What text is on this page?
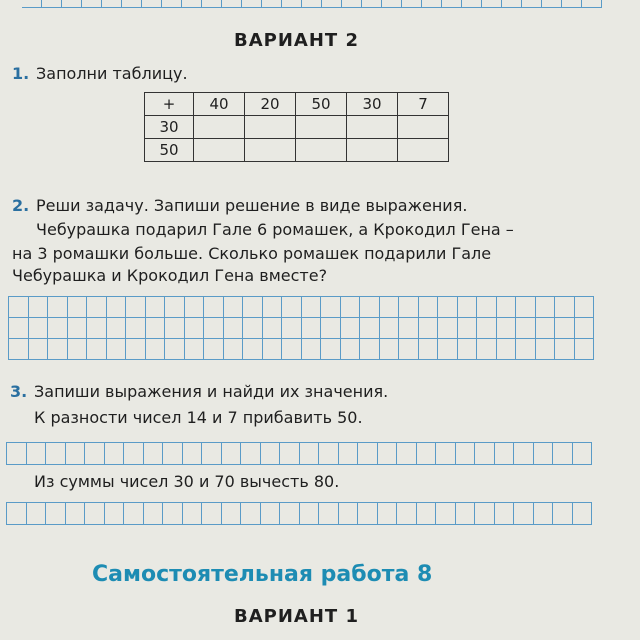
ВАРИАНТ 2
1. Заполни таблицу.
+	40	20	50	30	7
30					
50					
2. Реши задачу. Запиши решение в виде выражения.
Чебурашка подарил Гале 6 ромашек, а Крокодил Гена –
на 3 ромашки больше. Сколько ромашек подарили Гале
Чебурашка и Крокодил Гена вместе?
3. Запиши выражения и найди их значения.
К разности чисел 14 и 7 прибавить 50.
Из суммы чисел 30 и 70 вычесть 80.
Самостоятельная работа 8
ВАРИАНТ 1
